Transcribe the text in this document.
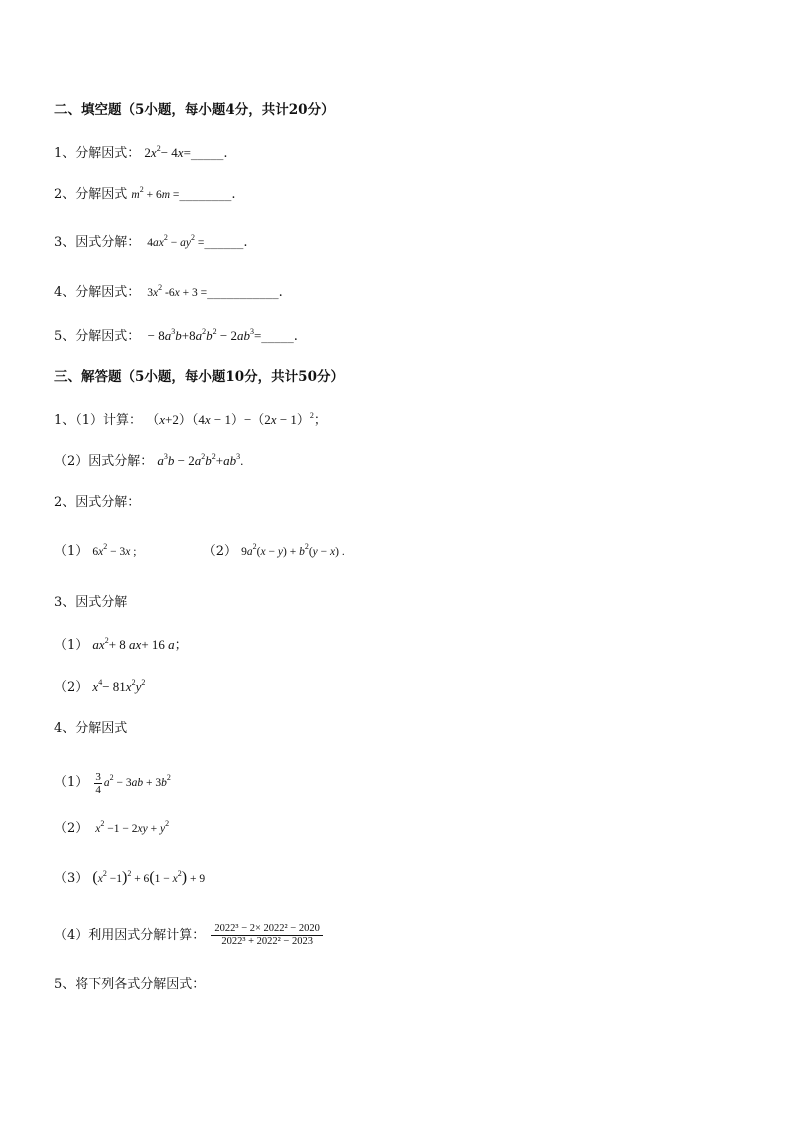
二、填空题（5小题，每小题4分，共计20分）
1、分解因式： $2x^2-$ 4x=_____.
2、分解因式 $m^2 + 6m$ =________.
3、因式分解：  $4ax^2 - ay^2$ =______.
4、分解因式：  $3x^2$ -6x + 3 =___________.
5、分解因式：  − $8a^3b+8a^2b^2$ − $2ab^3=\_\_\_\_\_$.
三、解答题（5小题，每小题10分，共计50分）
1、（1）计算： $(x+2)(4x - 1)-(2x - 1)^2$；
（2）因式分解： $a^3b - 2a^2b^2+ab^3$.
2、因式分解：
（1） $6x^2 - 3x$ ;	（2） $9a^2(x - y) + b^2(y - x)$ .
3、因式分解
（1） $ax^2+ 8$ ax+ 16 a；
（2） $x^4- 81x^2y^2$
4、分解因式
$(1) \frac{3}{4} a^2 - 3ab + 3b^2$
（2） $x^2 -1 - 2xy + y^2$
（3） $(x^2 -1)^2 + 6(1 - x^2) + 9$
（4）利用因式分解计算： $\frac{\text{2022³ − 2× 2022² − 2020}}{\text{2022³ + 2022² − 2023}}$
5、将下列各式分解因式：
